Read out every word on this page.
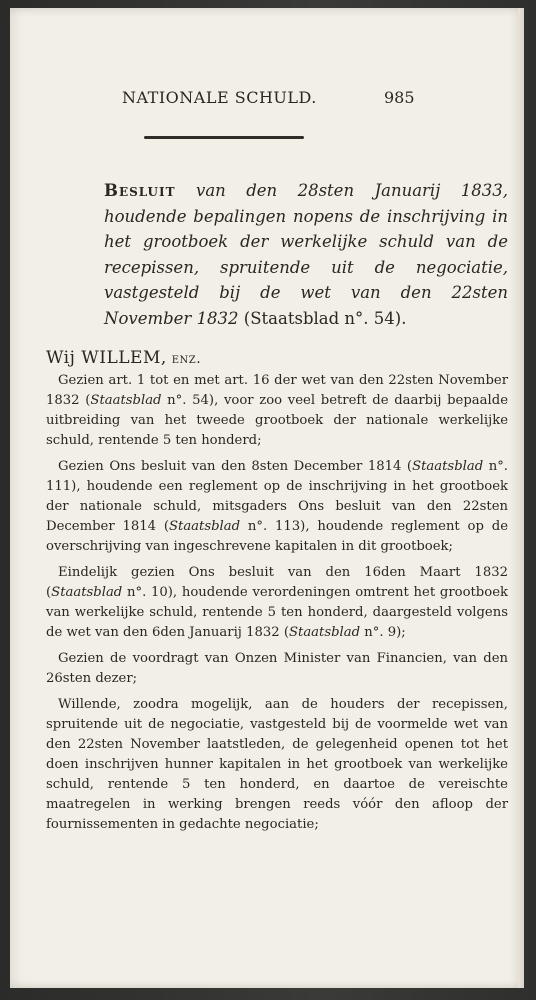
NATIONALE SCHULD.	985
Besluit van den 28sten Januarij 1833, houdende bepalingen nopens de inschrijving in het grootboek der werkelijke schuld van de recepissen, spruitende uit de negociatie, vastgesteld bij de wet van den 22sten November 1832 (Staatsblad n°. 54).
Wij WILLEM, enz.

Gezien art. 1 tot en met art. 16 der wet van den 22sten November 1832 (Staatsblad n°. 54), voor zoo veel betreft de daarbij bepaalde uitbreiding van het tweede grootboek der nationale werkelijke schuld, rentende 5 ten honderd;

Gezien Ons besluit van den 8sten December 1814 (Staatsblad n°. 111), houdende een reglement op de inschrijving in het grootboek der nationale schuld, mitsgaders Ons besluit van den 22sten December 1814 (Staatsblad n°. 113), houdende reglement op de overschrijving van ingeschrevene kapitalen in dit grootboek;

Eindelijk gezien Ons besluit van den 16den Maart 1832 (Staatsblad n°. 10), houdende verordeningen omtrent het grootboek van werkelijke schuld, rentende 5 ten honderd, daargesteld volgens de wet van den 6den Januarij 1832 (Staatsblad n°. 9);

Gezien de voordragt van Onzen Minister van Financien, van den 26sten dezer;

Willende, zoodra mogelijk, aan de houders der recepissen, spruitende uit de negociatie, vastgesteld bij de voormelde wet van den 22sten November laatstleden, de gelegenheid openen tot het doen inschrijven hunner kapitalen in het grootboek van werkelijke schuld, rentende 5 ten honderd, en daartoe de vereischte maatregelen in werking brengen reeds vóór den afloop der fournissementen in gedachte negociatie;
